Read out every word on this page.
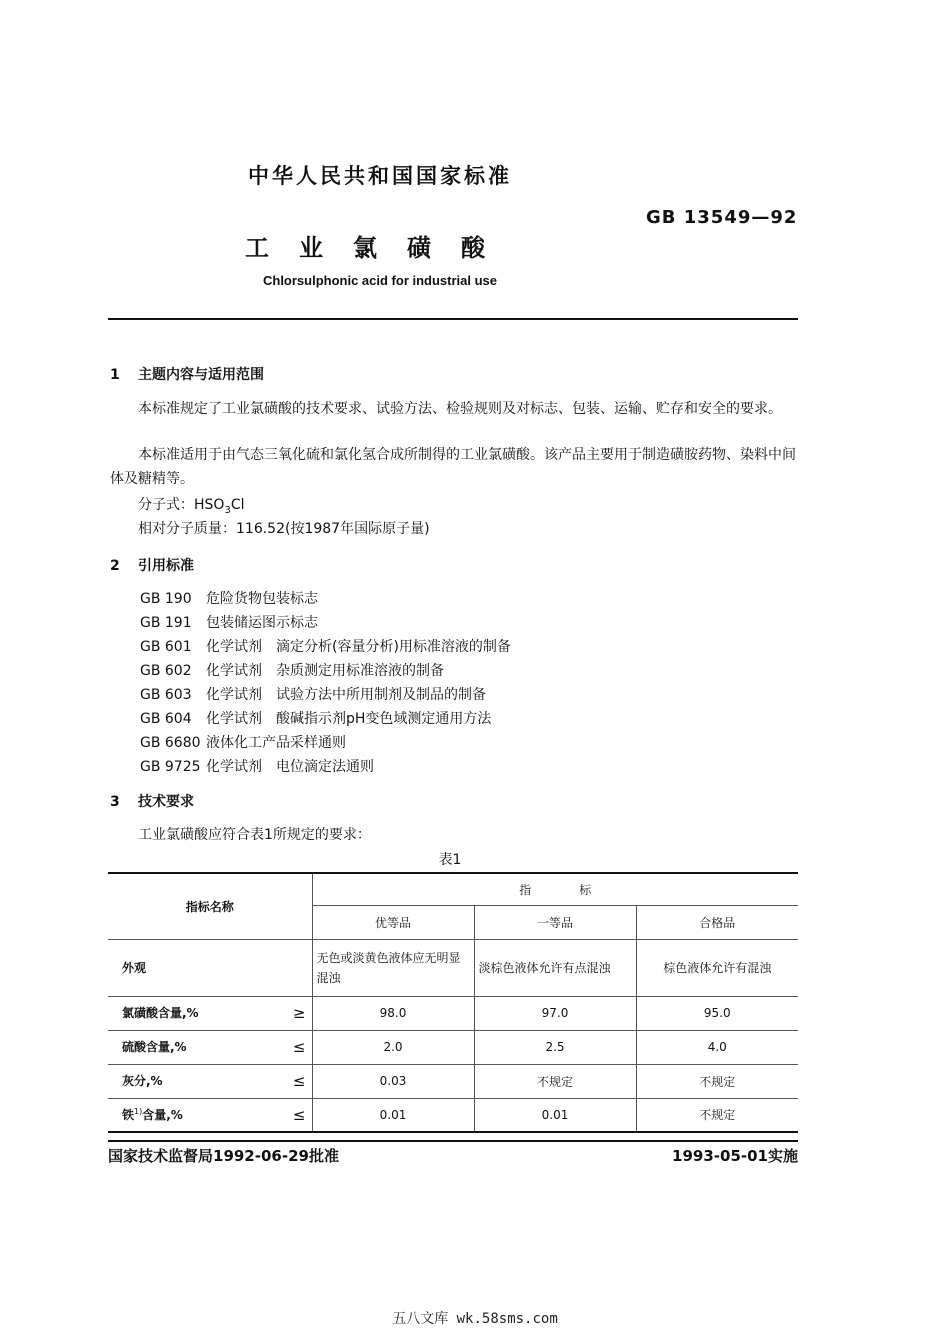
中华人民共和国国家标准
GB 13549—92
工业氯磺酸
Chlorsulphonic acid for industrial use
1 主题内容与适用范围
本标准规定了工业氯磺酸的技术要求、试验方法、检验规则及对标志、包装、运输、贮存和安全的要求。
本标准适用于由气态三氧化硫和氯化氢合成所制得的工业氯磺酸。该产品主要用于制造磺胺药物、染料中间体及糖精等。
分子式：$HSO_3Cl$
相对分子质量：116.52(按1987年国际原子量)
2 引用标准
GB 190 危险货物包装标志
GB 191 包装储运图示标志
GB 601 化学试剂　滴定分析(容量分析)用标准溶液的制备
GB 602 化学试剂　杂质测定用标准溶液的制备
GB 603 化学试剂　试验方法中所用制剂及制品的制备
GB 604 化学试剂　酸碱指示剂pH变色域测定通用方法
GB 6680 液体化工产品采样通则
GB 9725 化学试剂　电位滴定法通则
3 技术要求
工业氯磺酸应符合表1所规定的要求：
表1
指标名称	指　　　　标		
	优等品	一等品	合格品
外观	无色或淡黄色液体应无明显混浊	淡棕色液体允许有点混浊	棕色液体允许有混浊
氯磺酸含量,% ≥	98.0	97.0	95.0
硫酸含量,% ≤	2.0	2.5	4.0
灰分,% ≤	0.03	不规定	不规定
铁$^{1)}$含量,% ≤	0.01	0.01	不规定
国家技术监督局1992-06-29批准	1993-05-01实施
五八文库 wk.58sms.com
